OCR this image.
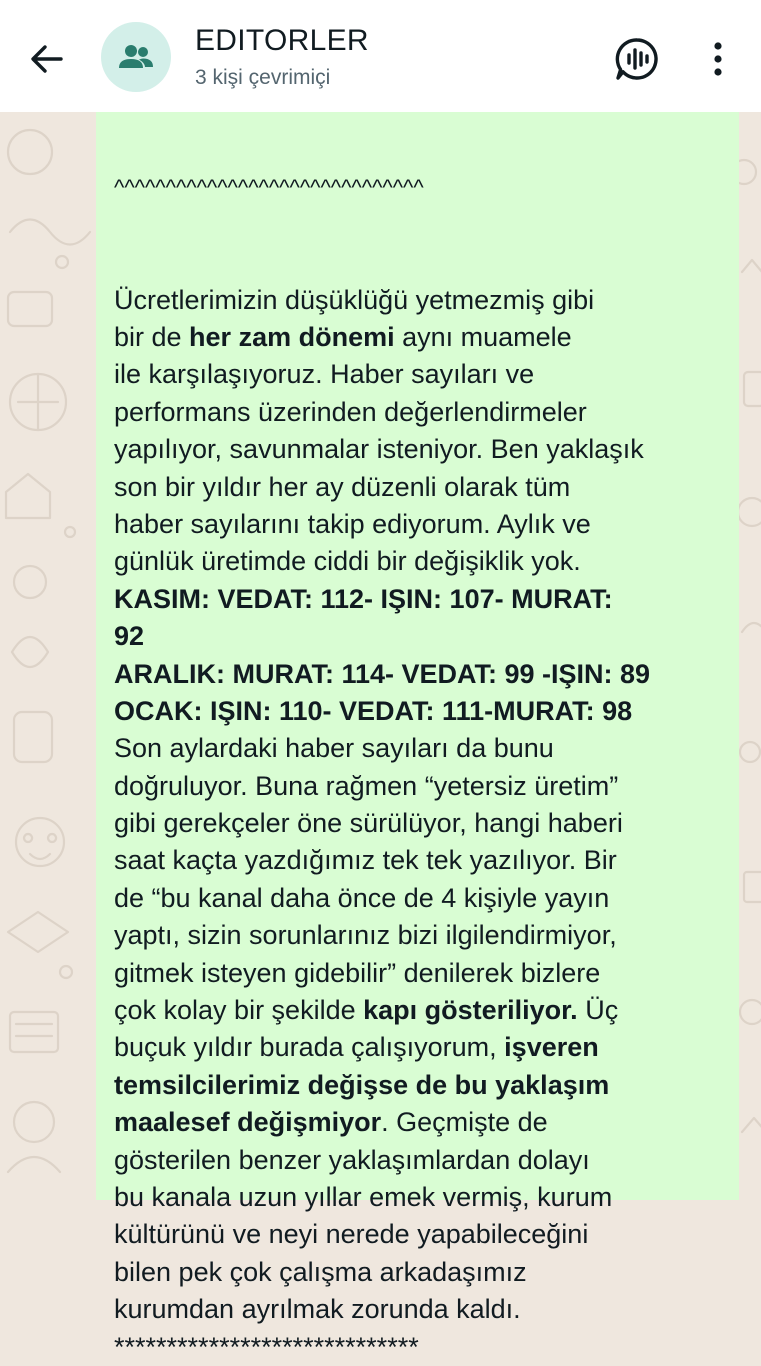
EDITORLER
3 kişi çevrimiçi

^^^^^^^^^^^^^^^^^^^^^^^^^^^^^^

Ücretlerimizin düşüklüğü yetmezmiş gibi
bir de her zam dönemi aynı muamele
ile karşılaşıyoruz. Haber sayıları ve
performans üzerinden değerlendirmeler
yapılıyor, savunmalar isteniyor. Ben yaklaşık
son bir yıldır her ay düzenli olarak tüm
haber sayılarını takip ediyorum. Aylık ve
günlük üretimde ciddi bir değişiklik yok.
KASIM: VEDAT: 112- IŞIN: 107- MURAT:
92
ARALIK: MURAT: 114- VEDAT: 99 -IŞIN: 89
OCAK: IŞIN: 110- VEDAT: 111-MURAT: 98
Son aylardaki haber sayıları da bunu
doğruluyor. Buna rağmen “yetersiz üretim”
gibi gerekçeler öne sürülüyor, hangi haberi
saat kaçta yazdığımız tek tek yazılıyor. Bir
de “bu kanal daha önce de 4 kişiyle yayın
yaptı, sizin sorunlarınız bizi ilgilendirmiyor,
gitmek isteyen gidebilir” denilerek bizlere
çok kolay bir şekilde kapı gösteriliyor. Üç
buçuk yıldır burada çalışıyorum, işveren
temsilcilerimiz değişse de bu yaklaşım
maalesef değişmiyor. Geçmişte de
gösterilen benzer yaklaşımlardan dolayı
bu kanala uzun yıllar emek vermiş, kurum
kültürünü ve neyi nerede yapabileceğini
bilen pek çok çalışma arkadaşımız
kurumdan ayrılmak zorunda kaldı.
*****************************
